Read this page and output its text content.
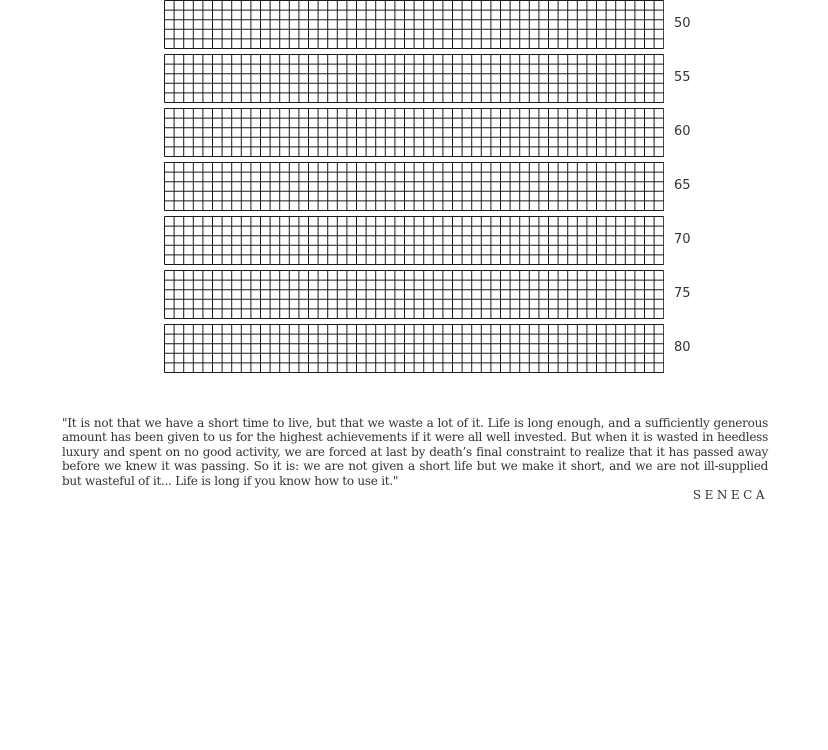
50
55
60
65
70
75
80

"It is not that we have a short time to live, but that we waste a lot of it. Life is long enough, and a sufficiently generous amount has been given to us for the highest achievements if it were all well invested. But when it is wasted in heedless luxury and spent on no good activity, we are forced at last by death’s final constraint to realize that it has passed away before we knew it was passing. So it is: we are not given a short life but we make it short, and we are not ill-supplied but wasteful of it... Life is long if you know how to use it."

SENECA
